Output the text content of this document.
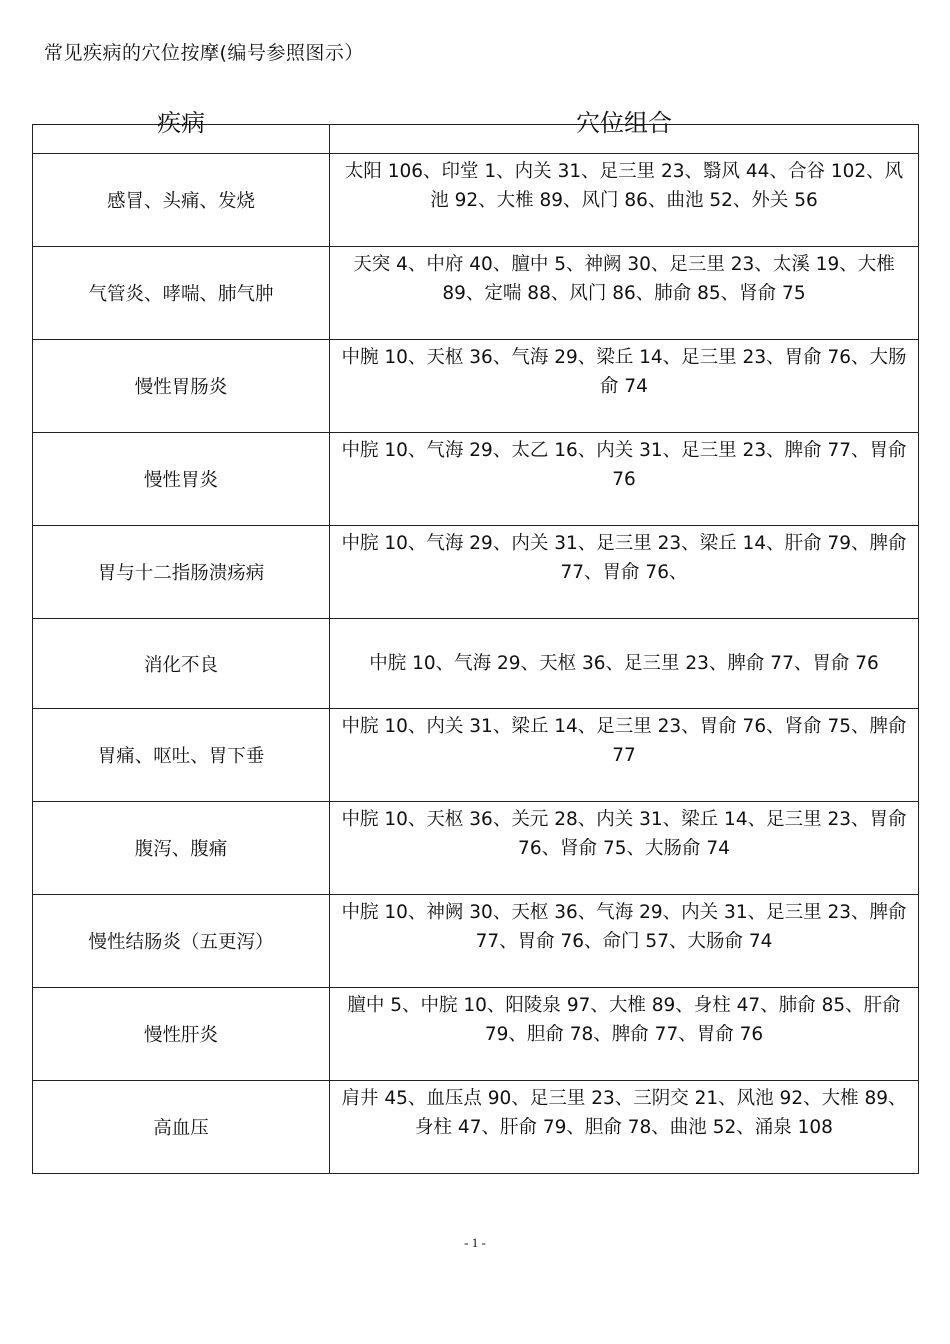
常见疾病的穴位按摩(编号参照图示）
疾病	穴位组合
感冒、头痛、发烧	太阳 106、印堂 1、内关 31、足三里 23、翳风 44、合谷 102、风池 92、大椎 89、风门 86、曲池 52、外关 56
气管炎、哮喘、肺气肿	天突 4、中府 40、膻中 5、神阙 30、足三里 23、太溪 19、大椎 89、定喘 88、风门 86、肺俞 85、肾俞 75
慢性胃肠炎	中腕 10、天枢 36、气海 29、梁丘 14、足三里 23、胃俞 76、大肠俞 74
慢性胃炎	中脘 10、气海 29、太乙 16、内关 31、足三里 23、脾俞 77、胃俞 76
胃与十二指肠溃疡病	中脘 10、气海 29、内关 31、足三里 23、梁丘 14、肝俞 79、脾俞 77、胃俞 76、
消化不良	中脘 10、气海 29、天枢 36、足三里 23、脾俞 77、胃俞 76
胃痛、呕吐、胃下垂	中脘 10、内关 31、梁丘 14、足三里 23、胃俞 76、肾俞 75、脾俞 77
腹泻、腹痛	中脘 10、天枢 36、关元 28、内关 31、梁丘 14、足三里 23、胃俞 76、肾俞 75、大肠俞 74
慢性结肠炎（五更泻）	中脘 10、神阙 30、天枢 36、气海 29、内关 31、足三里 23、脾俞 77、胃俞 76、命门 57、大肠俞 74
慢性肝炎	膻中 5、中脘 10、阳陵泉 97、大椎 89、身柱 47、肺俞 85、肝俞 79、胆俞 78、脾俞 77、胃俞 76
高血压	肩井 45、血压点 90、足三里 23、三阴交 21、风池 92、大椎 89、身柱 47、肝俞 79、胆俞 78、曲池 52、涌泉 108
- 1 -
